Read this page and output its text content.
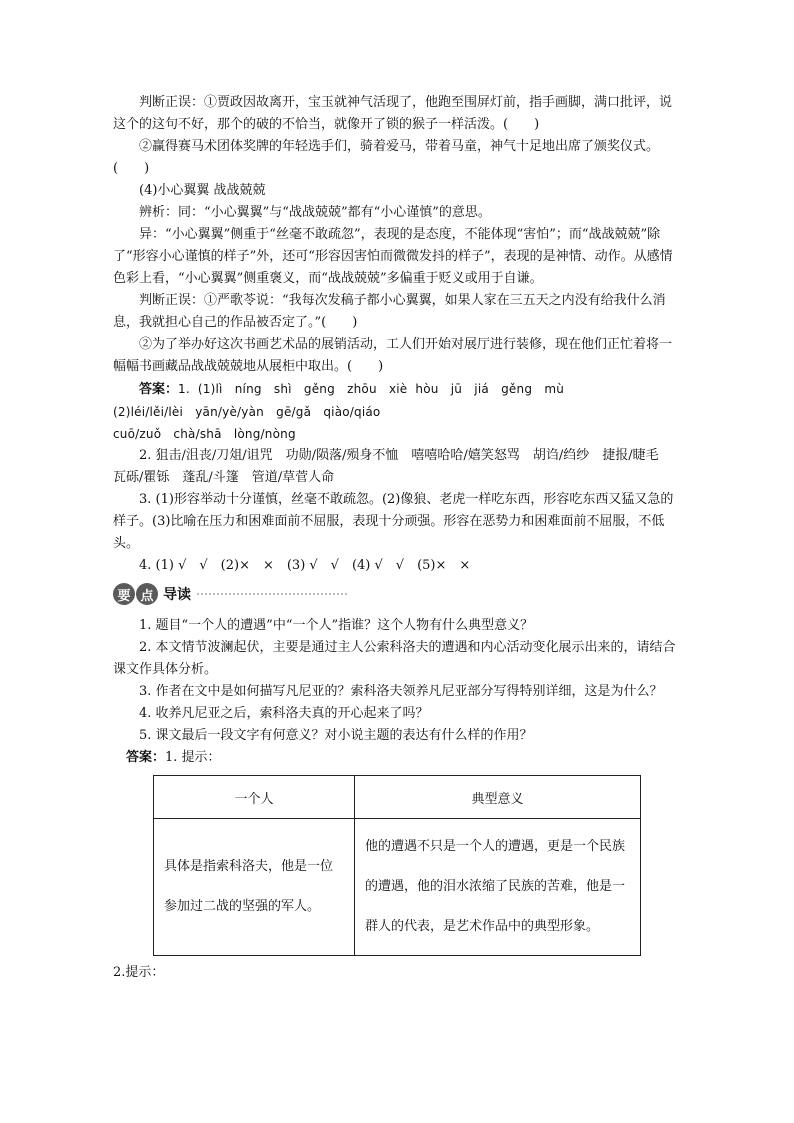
判断正误：①贾政因故离开，宝玉就神气活现了，他跑至围屏灯前，指手画脚，满口批评，说这个的这句不好，那个的破的不恰当，就像开了锁的猴子一样活泼。(　　)

②赢得赛马术团体奖牌的年轻选手们，骑着爱马，带着马童，神气十足地出席了颁奖仪式。(　　)

(4)小心翼翼 战战兢兢

辨析：同：“小心翼翼”与“战战兢兢”都有“小心谨慎”的意思。

异：“小心翼翼”侧重于“丝毫不敢疏忽”，表现的是态度，不能体现“害怕”；而“战战兢兢”除了“形容小心谨慎的样子”外，还可“形容因害怕而微微发抖的样子”，表现的是神情、动作。从感情色彩上看，“小心翼翼”侧重褒义，而“战战兢兢”多偏重于贬义或用于自谦。

判断正误：①严歌苓说：“我每次发稿子都小心翼翼，如果人家在三五天之内没有给我什么消息，我就担心自己的作品被否定了。”(　　)

②为了举办好这次书画艺术品的展销活动，工人们开始对展厅进行装修，现在他们正忙着将一幅幅书画藏品战战兢兢地从展柜中取出。(　　)

答案：1. (1)lì　níng　shì　gěng　zhōu　xiè hòu　jū　jiá　gěng　mù

(2)léi/lěi/lèi　yān/yè/yàn　gē/gǎ　qiào/qiáo

cuō/zuǒ　chà/shā　lòng/nòng

2. 狙击/沮丧/刀俎/诅咒　功勋/陨落/殒身不恤　嘻嘻哈哈/嬉笑怒骂　胡诌/绉纱　捷报/睫毛　瓦砾/瞿铄　蓬乱/斗篷　管道/草菅人命

3. (1)形容举动十分谨慎，丝毫不敢疏忽。(2)像狼、老虎一样吃东西，形容吃东西又猛又急的样子。(3)比喻在压力和困难面前不屈服，表现十分顽强。形容在恶势力和困难面前不屈服，不低头。

4. (1) √　√　(2)×　×　(3) √　√　(4) √　√　(5)×　×

要 点 导读

1. 题目“一个人的遭遇”中“一个人”指谁？这个人物有什么典型意义？

2. 本文情节波澜起伏，主要是通过主人公索科洛夫的遭遇和内心活动变化展示出来的，请结合课文作具体分析。

3. 作者在文中是如何描写凡尼亚的？索科洛夫领养凡尼亚部分写得特别详细，这是为什么？

4. 收养凡尼亚之后，索科洛夫真的开心起来了吗？

5. 课文最后一段文字有何意义？对小说主题的表达有什么样的作用？

答案：1. 提示：

一个人	典型意义
具体是指索科洛夫，他是一位参加过二战的坚强的军人。	他的遭遇不只是一个人的遭遇，更是一个民族的遭遇，他的泪水浓缩了民族的苦难，他是一群人的代表，是艺术作品中的典型形象。

2.提示：
